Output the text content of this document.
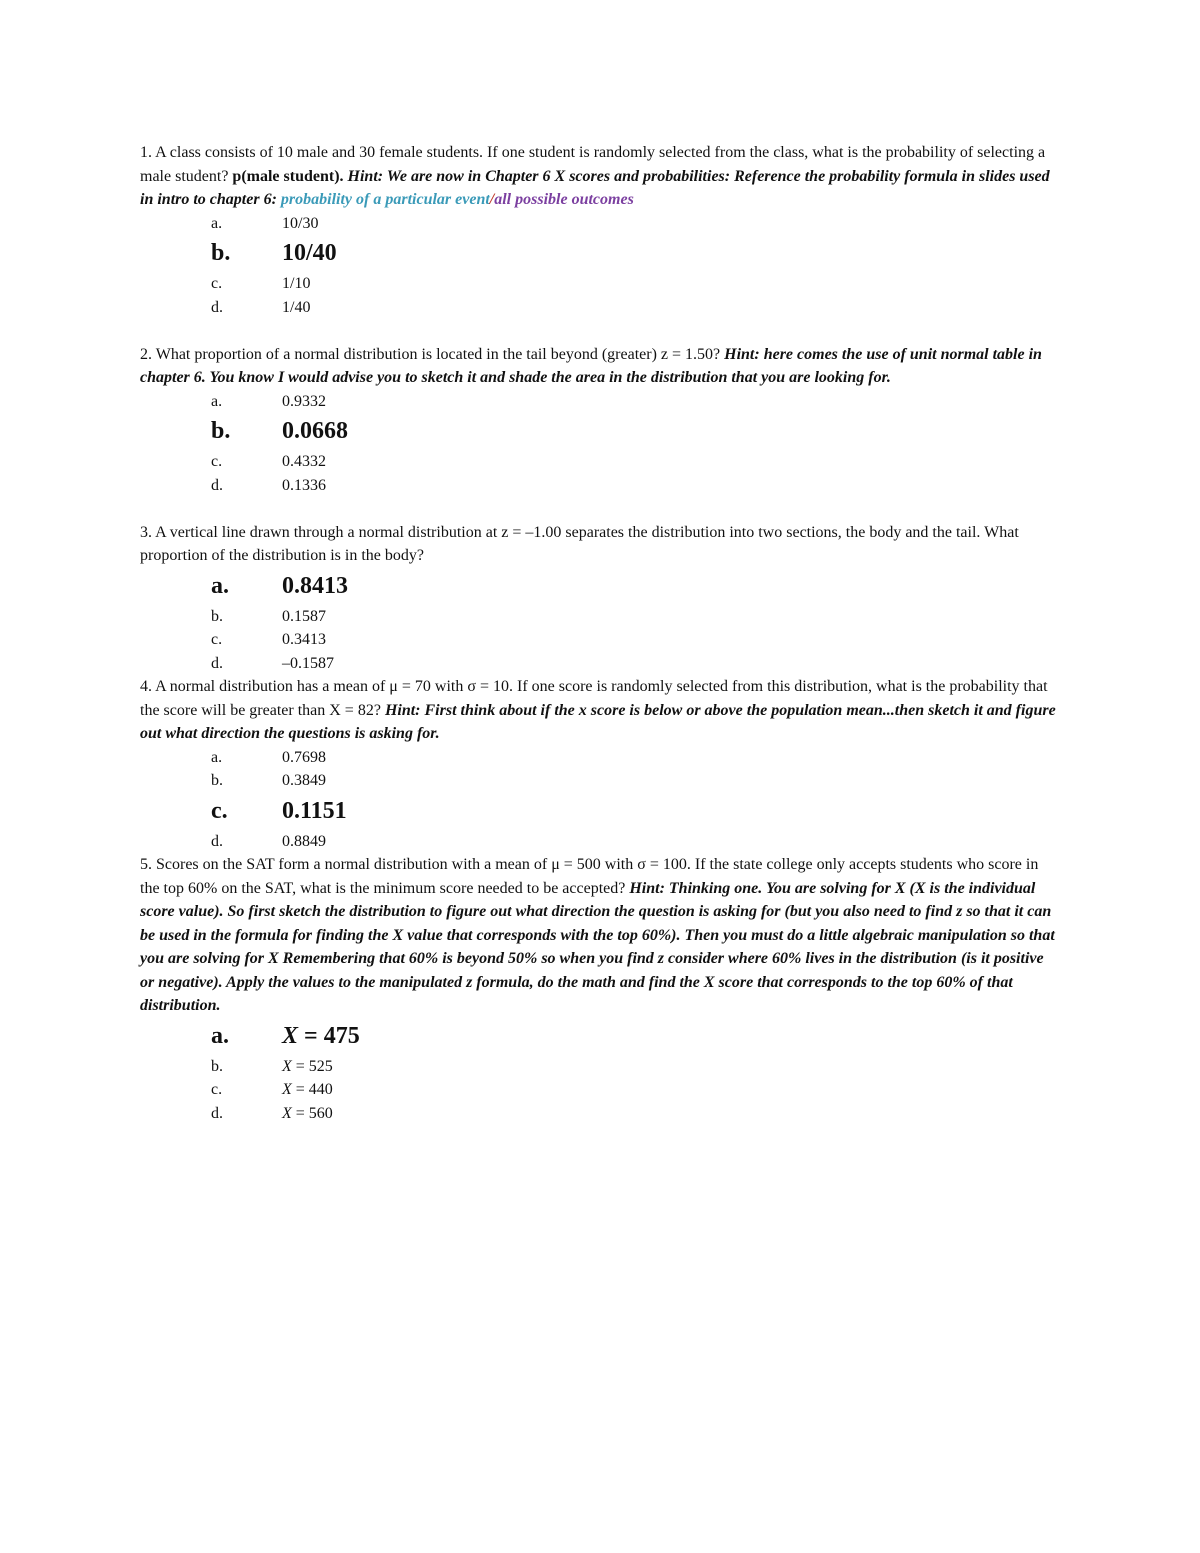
1. A class consists of 10 male and 30 female students. If one student is randomly selected from the class, what is the probability of selecting a male student? p(male student). Hint: We are now in Chapter 6 X scores and probabilities: Reference the probability formula in slides used in intro to chapter 6: probability of a particular event/all possible outcomes
a.	10/30
b.	10/40
c.	1/10
d.	1/40
2. What proportion of a normal distribution is located in the tail beyond (greater) z = 1.50? Hint: here comes the use of unit normal table in chapter 6. You know I would advise you to sketch it and shade the area in the distribution that you are looking for.
a.	0.9332
b.	0.0668
c.	0.4332
d.	0.1336
3. A vertical line drawn through a normal distribution at z = –1.00 separates the distribution into two sections, the body and the tail. What proportion of the distribution is in the body?
a.	0.8413
b.	0.1587
c.	0.3413
d.	–0.1587
4. A normal distribution has a mean of μ = 70 with σ = 10. If one score is randomly selected from this distribution, what is the probability that the score will be greater than X = 82? Hint: First think about if the x score is below or above the population mean...then sketch it and figure out what direction the questions is asking for.
a.	0.7698
b.	0.3849
c.	0.1151
d.	0.8849
5. Scores on the SAT form a normal distribution with a mean of μ = 500 with σ = 100. If the state college only accepts students who score in the top 60% on the SAT, what is the minimum score needed to be accepted? Hint: Thinking one. You are solving for X (X is the individual score value). So first sketch the distribution to figure out what direction the question is asking for (but you also need to find z so that it can be used in the formula for finding the X value that corresponds with the top 60%). Then you must do a little algebraic manipulation so that you are solving for X Remembering that 60% is beyond 50% so when you find z consider where 60% lives in the distribution (is it positive or negative). Apply the values to the manipulated z formula, do the math and find the X score that corresponds to the top 60% of that distribution.
a.	X = 475
b.	X = 525
c.	X = 440
d.	X = 560
